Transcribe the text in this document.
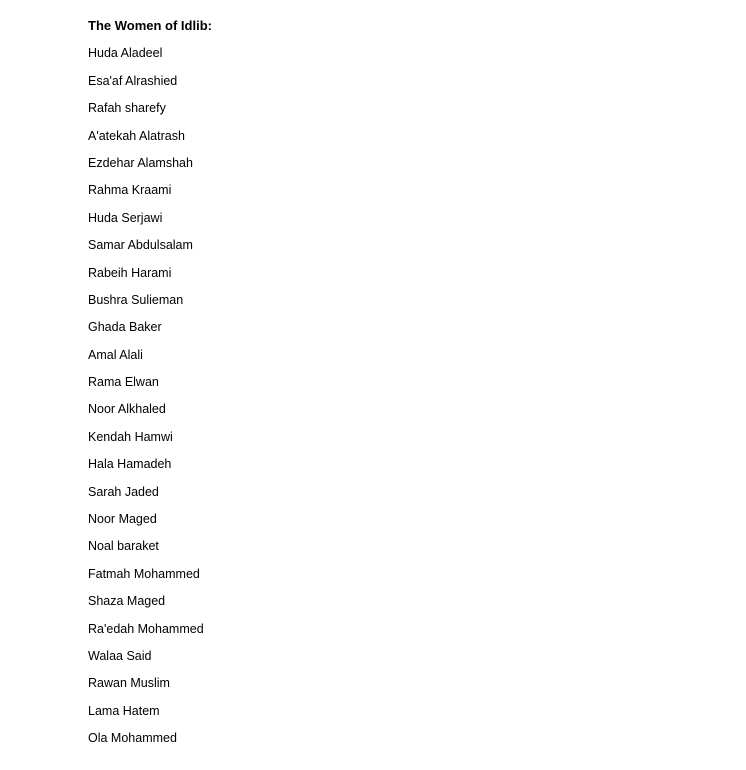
The Women of Idlib:
Huda Aladeel
Esa'af Alrashied
Rafah sharefy
A'atekah Alatrash
Ezdehar Alamshah
Rahma Kraami
Huda Serjawi
Samar Abdulsalam
Rabeih Harami
Bushra Sulieman
Ghada Baker
Amal Alali
Rama Elwan
Noor Alkhaled
Kendah Hamwi
Hala Hamadeh
Sarah Jaded
Noor Maged
Noal baraket
Fatmah Mohammed
Shaza Maged
Ra'edah Mohammed
Walaa Said
Rawan Muslim
Lama Hatem
Ola Mohammed
